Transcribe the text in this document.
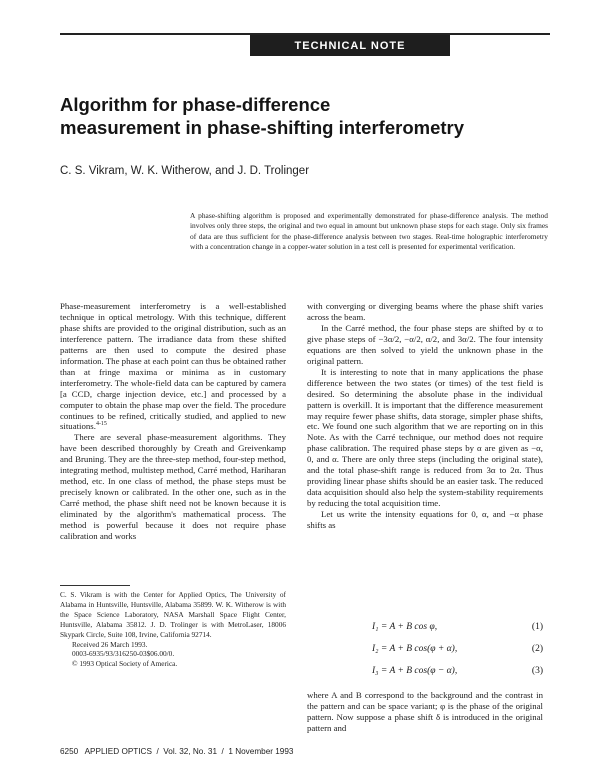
TECHNICAL NOTE
Algorithm for phase-difference
measurement in phase-shifting interferometry
C. S. Vikram, W. K. Witherow, and J. D. Trolinger
A phase-shifting algorithm is proposed and experimentally demonstrated for phase-difference analysis. The method involves only three steps, the original and two equal in amount but unknown phase steps for each stage. Only six frames of data are thus sufficient for the phase-difference analysis between two stages. Real-time holographic interferometry with a concentration change in a copper-water solution in a test cell is presented for experimental verification.

Phase-measurement interferometry is a well-established technique in optical metrology. With this technique, different phase shifts are provided to the original distribution, such as an interference pattern. The irradiance data from these shifted patterns are then used to compute the desired phase information. The phase at each point can thus be obtained rather than at fringe maxima or minima as in customary interferometry. The whole-field data can be captured by camera [a CCD, charge injection device, etc.] and processed by a computer to obtain the phase map over the field. The procedure continues to be refined, critically studied, and applied to new situations.$^{4-15}$

There are several phase-measurement algorithms. They have been described thoroughly by Creath and Greivenkamp and Bruning. They are the three-step method, four-step method, integrating method, multistep method, Carré method, Hariharan method, etc. In one class of method, the phase steps must be precisely known or calibrated. In the other one, such as in the Carré method, the phase shift need not be known because it is eliminated by the algorithm's mathematical process. The method is powerful because it does not require phase calibration and works

with converging or diverging beams where the phase shift varies across the beam.

In the Carré method, the four phase steps are shifted by α to give phase steps of −3α/2, −α/2, α/2, and 3α/2. The four intensity equations are then solved to yield the unknown phase in the original pattern.

It is interesting to note that in many applications the phase difference between the two states (or times) of the test field is desired. So determining the absolute phase in the individual pattern is overkill. It is important that the difference measurement may require fewer phase shifts, data storage, simpler phase shifts, etc. We found one such algorithm that we are reporting on in this Note. As with the Carré technique, our method does not require phase calibration. The required phase steps by α are given as −α, 0, and α. There are only three steps (including the original state), and the total phase-shift range is reduced from 3α to 2α. Thus providing linear phase shifts should be an easier task. The reduced data acquisition should also help the system-stability requirements by reducing the total acquisition time.

Let us write the intensity equations for 0, α, and −α phase shifts as

I₁ = A + B cos φ,	(1)
I₂ = A + B cos(φ + α),	(2)
I₃ = A + B cos(φ − α),	(3)

where A and B correspond to the background and the contrast in the pattern and can be space variant; φ is the phase of the original pattern. Now suppose a phase shift δ is introduced in the original pattern and

C. S. Vikram is with the Center for Applied Optics, The University of Alabama in Huntsville, Huntsville, Alabama 35899. W. K. Witherow is with the Space Science Laboratory, NASA Marshall Space Flight Center, Huntsville, Alabama 35812. J. D. Trolinger is with MetroLaser, 18006 Skypark Circle, Suite 108, Irvine, California 92714.

Received 26 March 1993.

0003-6935/93/316250-03$06.00/0.

© 1993 Optical Society of America.

6250   APPLIED OPTICS  /  Vol. 32, No. 31  /  1 November 1993
